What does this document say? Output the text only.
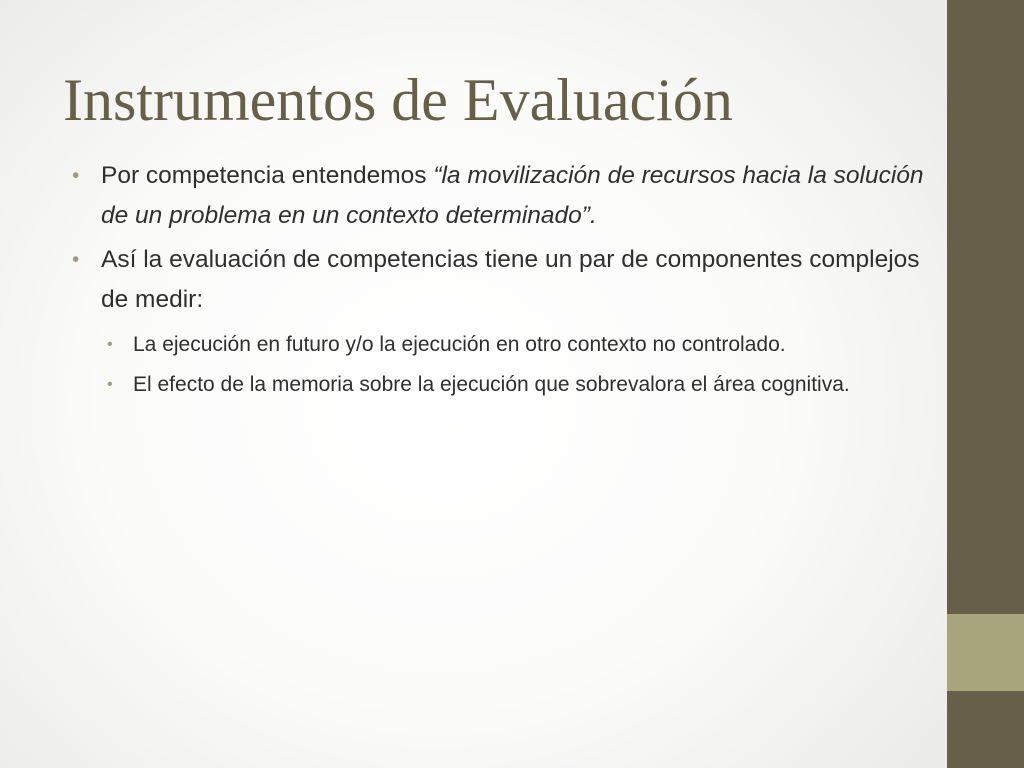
Instrumentos de Evaluación
• Por competencia entendemos “la movilización de recursos hacia la solución de un problema en un contexto determinado”.
• Así la evaluación de competencias tiene un par de componentes complejos de medir:
• La ejecución en futuro y/o la ejecución en otro contexto no controlado.
• El efecto de la memoria sobre la ejecución que sobrevalora el área cognitiva.
